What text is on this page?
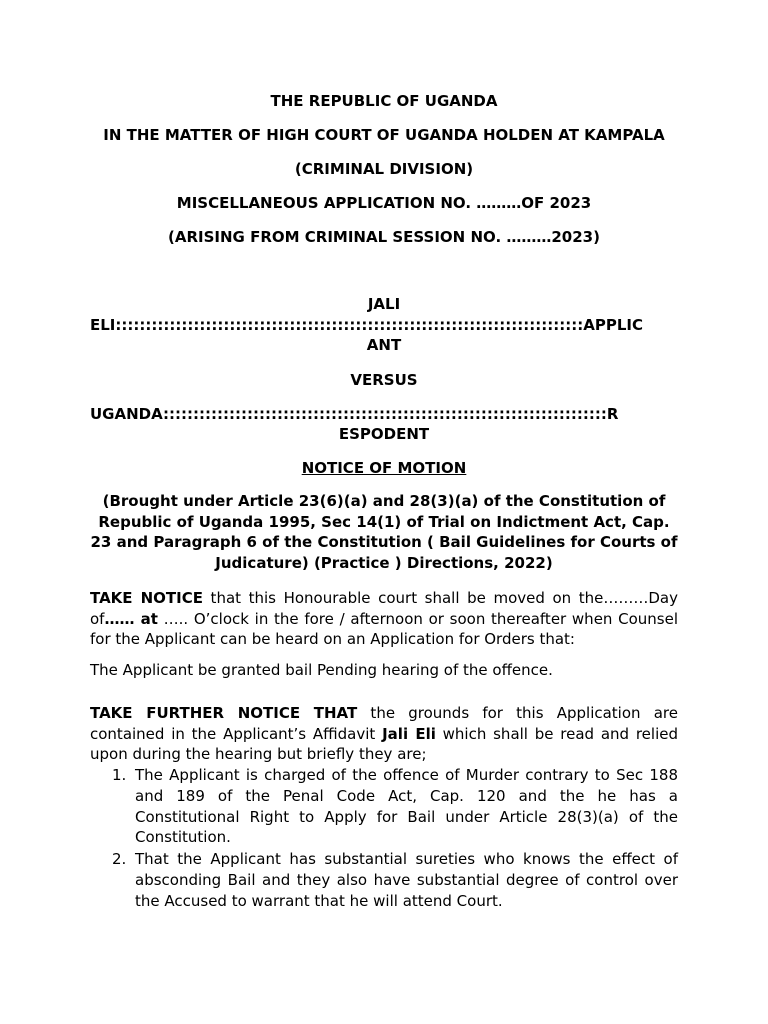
THE REPUBLIC OF UGANDA
IN THE MATTER OF HIGH COURT OF UGANDA HOLDEN AT KAMPALA
(CRIMINAL DIVISION)
MISCELLANEOUS APPLICATION NO. ………OF 2023
(ARISING FROM CRIMINAL SESSION NO. ………2023)
JALI
ELI::::::::::::::::::::::::::::::::::::::::::::::::::::::::::::::::::::::::::::::APPLIC
ANT
VERSUS
UGANDA::::::::::::::::::::::::::::::::::::::::::::::::::::::::::::::::::::::::::R
ESPODENT
NOTICE OF MOTION
(Brought under Article 23(6)(a) and 28(3)(a) of the Constitution of Republic of Uganda 1995, Sec 14(1) of Trial on Indictment Act, Cap. 23 and Paragraph 6 of the Constitution ( Bail Guidelines for Courts of Judicature) (Practice ) Directions, 2022)
TAKE NOTICE that this Honourable court shall be moved on the………Day of…… at ….. O’clock in the fore / afternoon or soon thereafter when Counsel for the Applicant can be heard on an Application for Orders that:
The Applicant be granted bail Pending hearing of the offence.
TAKE FURTHER NOTICE THAT the grounds for this Application are contained in the Applicant’s Affidavit Jali Eli which shall be read and relied upon during the hearing but briefly they are;
1. The Applicant is charged of the offence of Murder contrary to Sec 188 and 189 of the Penal Code Act, Cap. 120 and the he has a Constitutional Right to Apply for Bail under Article 28(3)(a) of the Constitution.
2. That the Applicant has substantial sureties who knows the effect of absconding Bail and they also have substantial degree of control over the Accused to warrant that he will attend Court.
